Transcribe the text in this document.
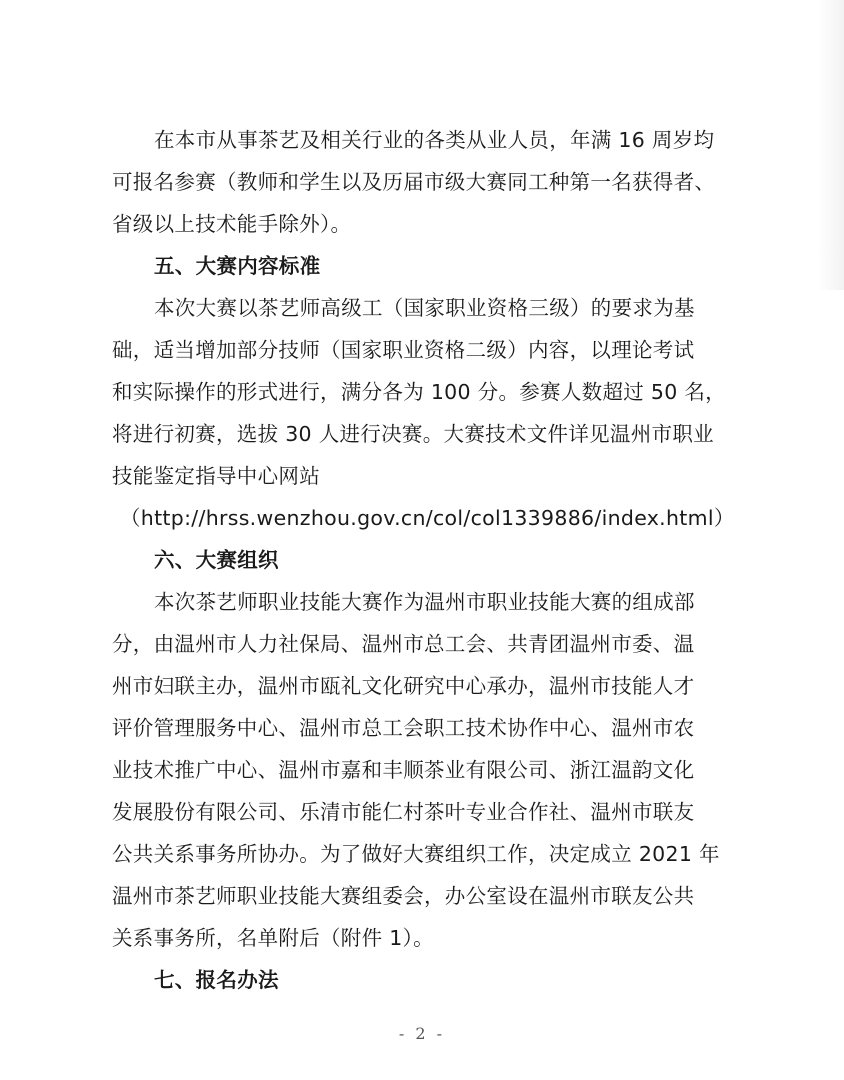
在本市从事茶艺及相关行业的各类从业人员，年满 16 周岁均
可报名参赛（教师和学生以及历届市级大赛同工种第一名获得者、
省级以上技术能手除外）。
五、大赛内容标准
本次大赛以茶艺师高级工（国家职业资格三级）的要求为基
础，适当增加部分技师（国家职业资格二级）内容，以理论考试
和实际操作的形式进行，满分各为 100 分。参赛人数超过 50 名，
将进行初赛，选拔 30 人进行决赛。大赛技术文件详见温州市职业
技能鉴定指导中心网站
（http://hrss.wenzhou.gov.cn/col/col1339886/index.html）
六、大赛组织
本次茶艺师职业技能大赛作为温州市职业技能大赛的组成部
分，由温州市人力社保局、温州市总工会、共青团温州市委、温
州市妇联主办，温州市瓯礼文化研究中心承办，温州市技能人才
评价管理服务中心、温州市总工会职工技术协作中心、温州市农
业技术推广中心、温州市嘉和丰顺茶业有限公司、浙江温韵文化
发展股份有限公司、乐清市能仁村茶叶专业合作社、温州市联友
公共关系事务所协办。为了做好大赛组织工作，决定成立 2021 年
温州市茶艺师职业技能大赛组委会，办公室设在温州市联友公共
关系事务所，名单附后（附件 1）。
七、报名办法
- 2 -
